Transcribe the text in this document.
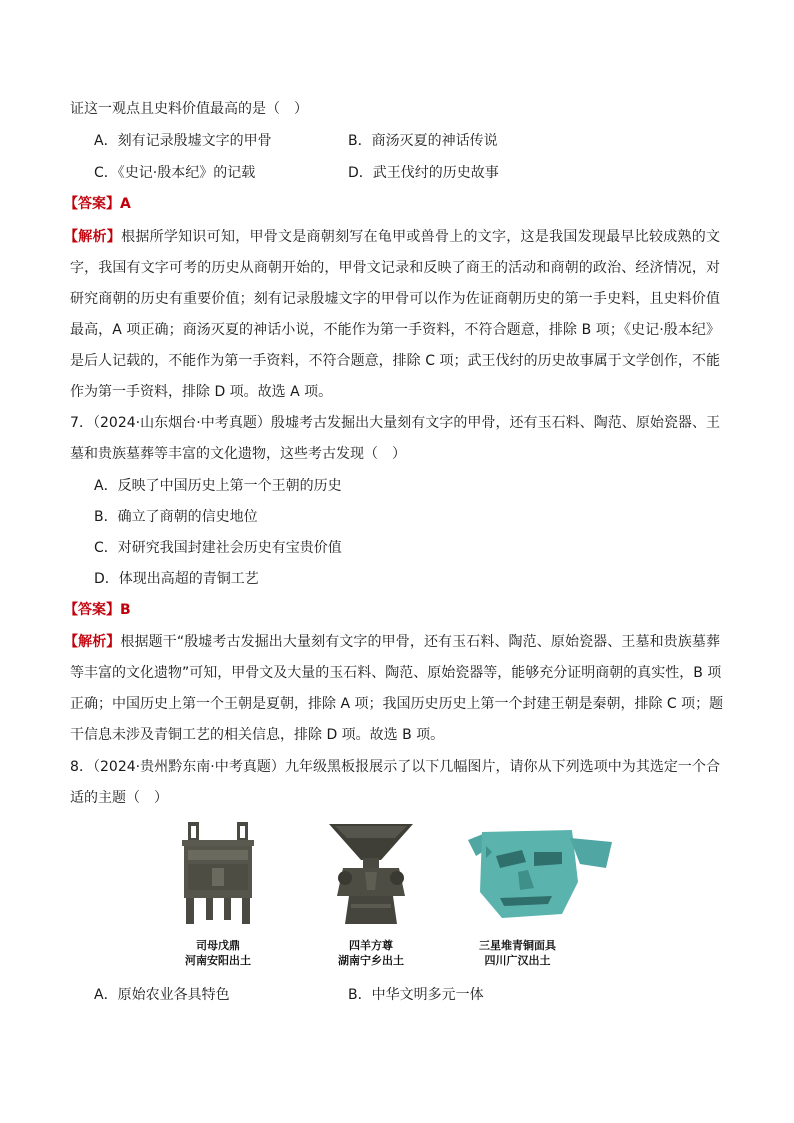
证这一观点且史料价值最高的是（　）
A．刻有记录殷墟文字的甲骨	B．商汤灭夏的神话传说
C．《史记·殷本纪》的记载	D．武王伐纣的历史故事
【答案】A
【解析】根据所学知识可知，甲骨文是商朝刻写在龟甲或兽骨上的文字，这是我国发现最早比较成熟的文
字，我国有文字可考的历史从商朝开始的，甲骨文记录和反映了商王的活动和商朝的政治、经济情况，对
研究商朝的历史有重要价值；刻有记录殷墟文字的甲骨可以作为佐证商朝历史的第一手史料，且史料价值
最高，A 项正确；商汤灭夏的神话小说，不能作为第一手资料，不符合题意，排除 B 项；《史记·殷本纪》
是后人记载的，不能作为第一手资料，不符合题意，排除 C 项；武王伐纣的历史故事属于文学创作，不能
作为第一手资料，排除 D 项。故选 A 项。
7．（2024·山东烟台·中考真题）殷墟考古发掘出大量刻有文字的甲骨，还有玉石料、陶范、原始瓷器、王
墓和贵族墓葬等丰富的文化遗物，这些考古发现（　）
A．反映了中国历史上第一个王朝的历史
B．确立了商朝的信史地位
C．对研究我国封建社会历史有宝贵价值
D．体现出高超的青铜工艺
【答案】B
【解析】根据题干“殷墟考古发掘出大量刻有文字的甲骨，还有玉石料、陶范、原始瓷器、王墓和贵族墓葬
等丰富的文化遗物”可知，甲骨文及大量的玉石料、陶范、原始瓷器等，能够充分证明商朝的真实性，B 项
正确；中国历史上第一个王朝是夏朝，排除 A 项；我国历史历史上第一个封建王朝是秦朝，排除 C 项；题
干信息未涉及青铜工艺的相关信息，排除 D 项。故选 B 项。
8．（2024·贵州黔东南·中考真题）九年级黑板报展示了以下几幅图片，请你从下列选项中为其选定一个合
适的主题（　）
司母戊鼎
河南安阳出土
四羊方尊
湖南宁乡出土
三星堆青铜面具
四川广汉出土
A．原始农业各具特色	B．中华文明多元一体
